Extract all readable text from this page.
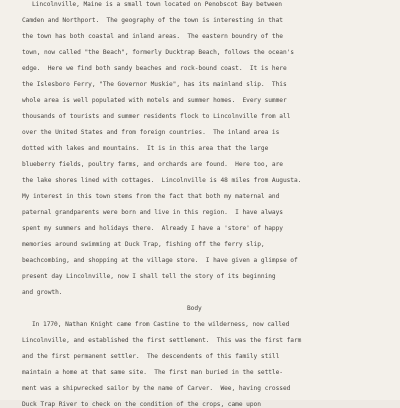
Lincolnville, Maine is a small town located on Penobscot Bay between
Camden and Northport.  The geography of the town is interesting in that
the town has both coastal and inland areas.  The eastern boundry of the
town, now called "the Beach", formerly Ducktrap Beach, follows the ocean's
edge.  Here we find both sandy beaches and rock-bound coast.  It is here
the Islesboro Ferry, "The Governor Muskie", has its mainland slip.  This
whole area is well populated with motels and summer homes.  Every summer
thousands of tourists and summer residents flock to Lincolnville from all
over the United States and from foreign countries.  The inland area is
dotted with lakes and mountains.  It is in this area that the large
blueberry fields, poultry farms, and orchards are found.  Here too, are
the lake shores lined with cottages.  Lincolnville is 48 miles from Augusta.
My interest in this town stems from the fact that both my maternal and
paternal grandparents were born and live in this region.  I have always
spent my summers and holidays there.  Already I have a 'store' of happy
memories around swimming at Duck Trap, fishing off the ferry slip,
beachcombing, and shopping at the village store.  I have given a glimpse of
present day Lincolnville, now I shall tell the story of its beginning
and growth.
Body
In 1770, Nathan Knight came from Castine to the wilderness, now called
Lincolnville, and established the first settlement.  This was the first farm
and the first permanent settler.  The descendents of this family still
maintain a home at that same site.  The first man buried in the settle-
ment was a shipwrecked sailor by the name of Carver.  Wee, having crossed
Duck Trap River to check on the condition of the crops, came upon
